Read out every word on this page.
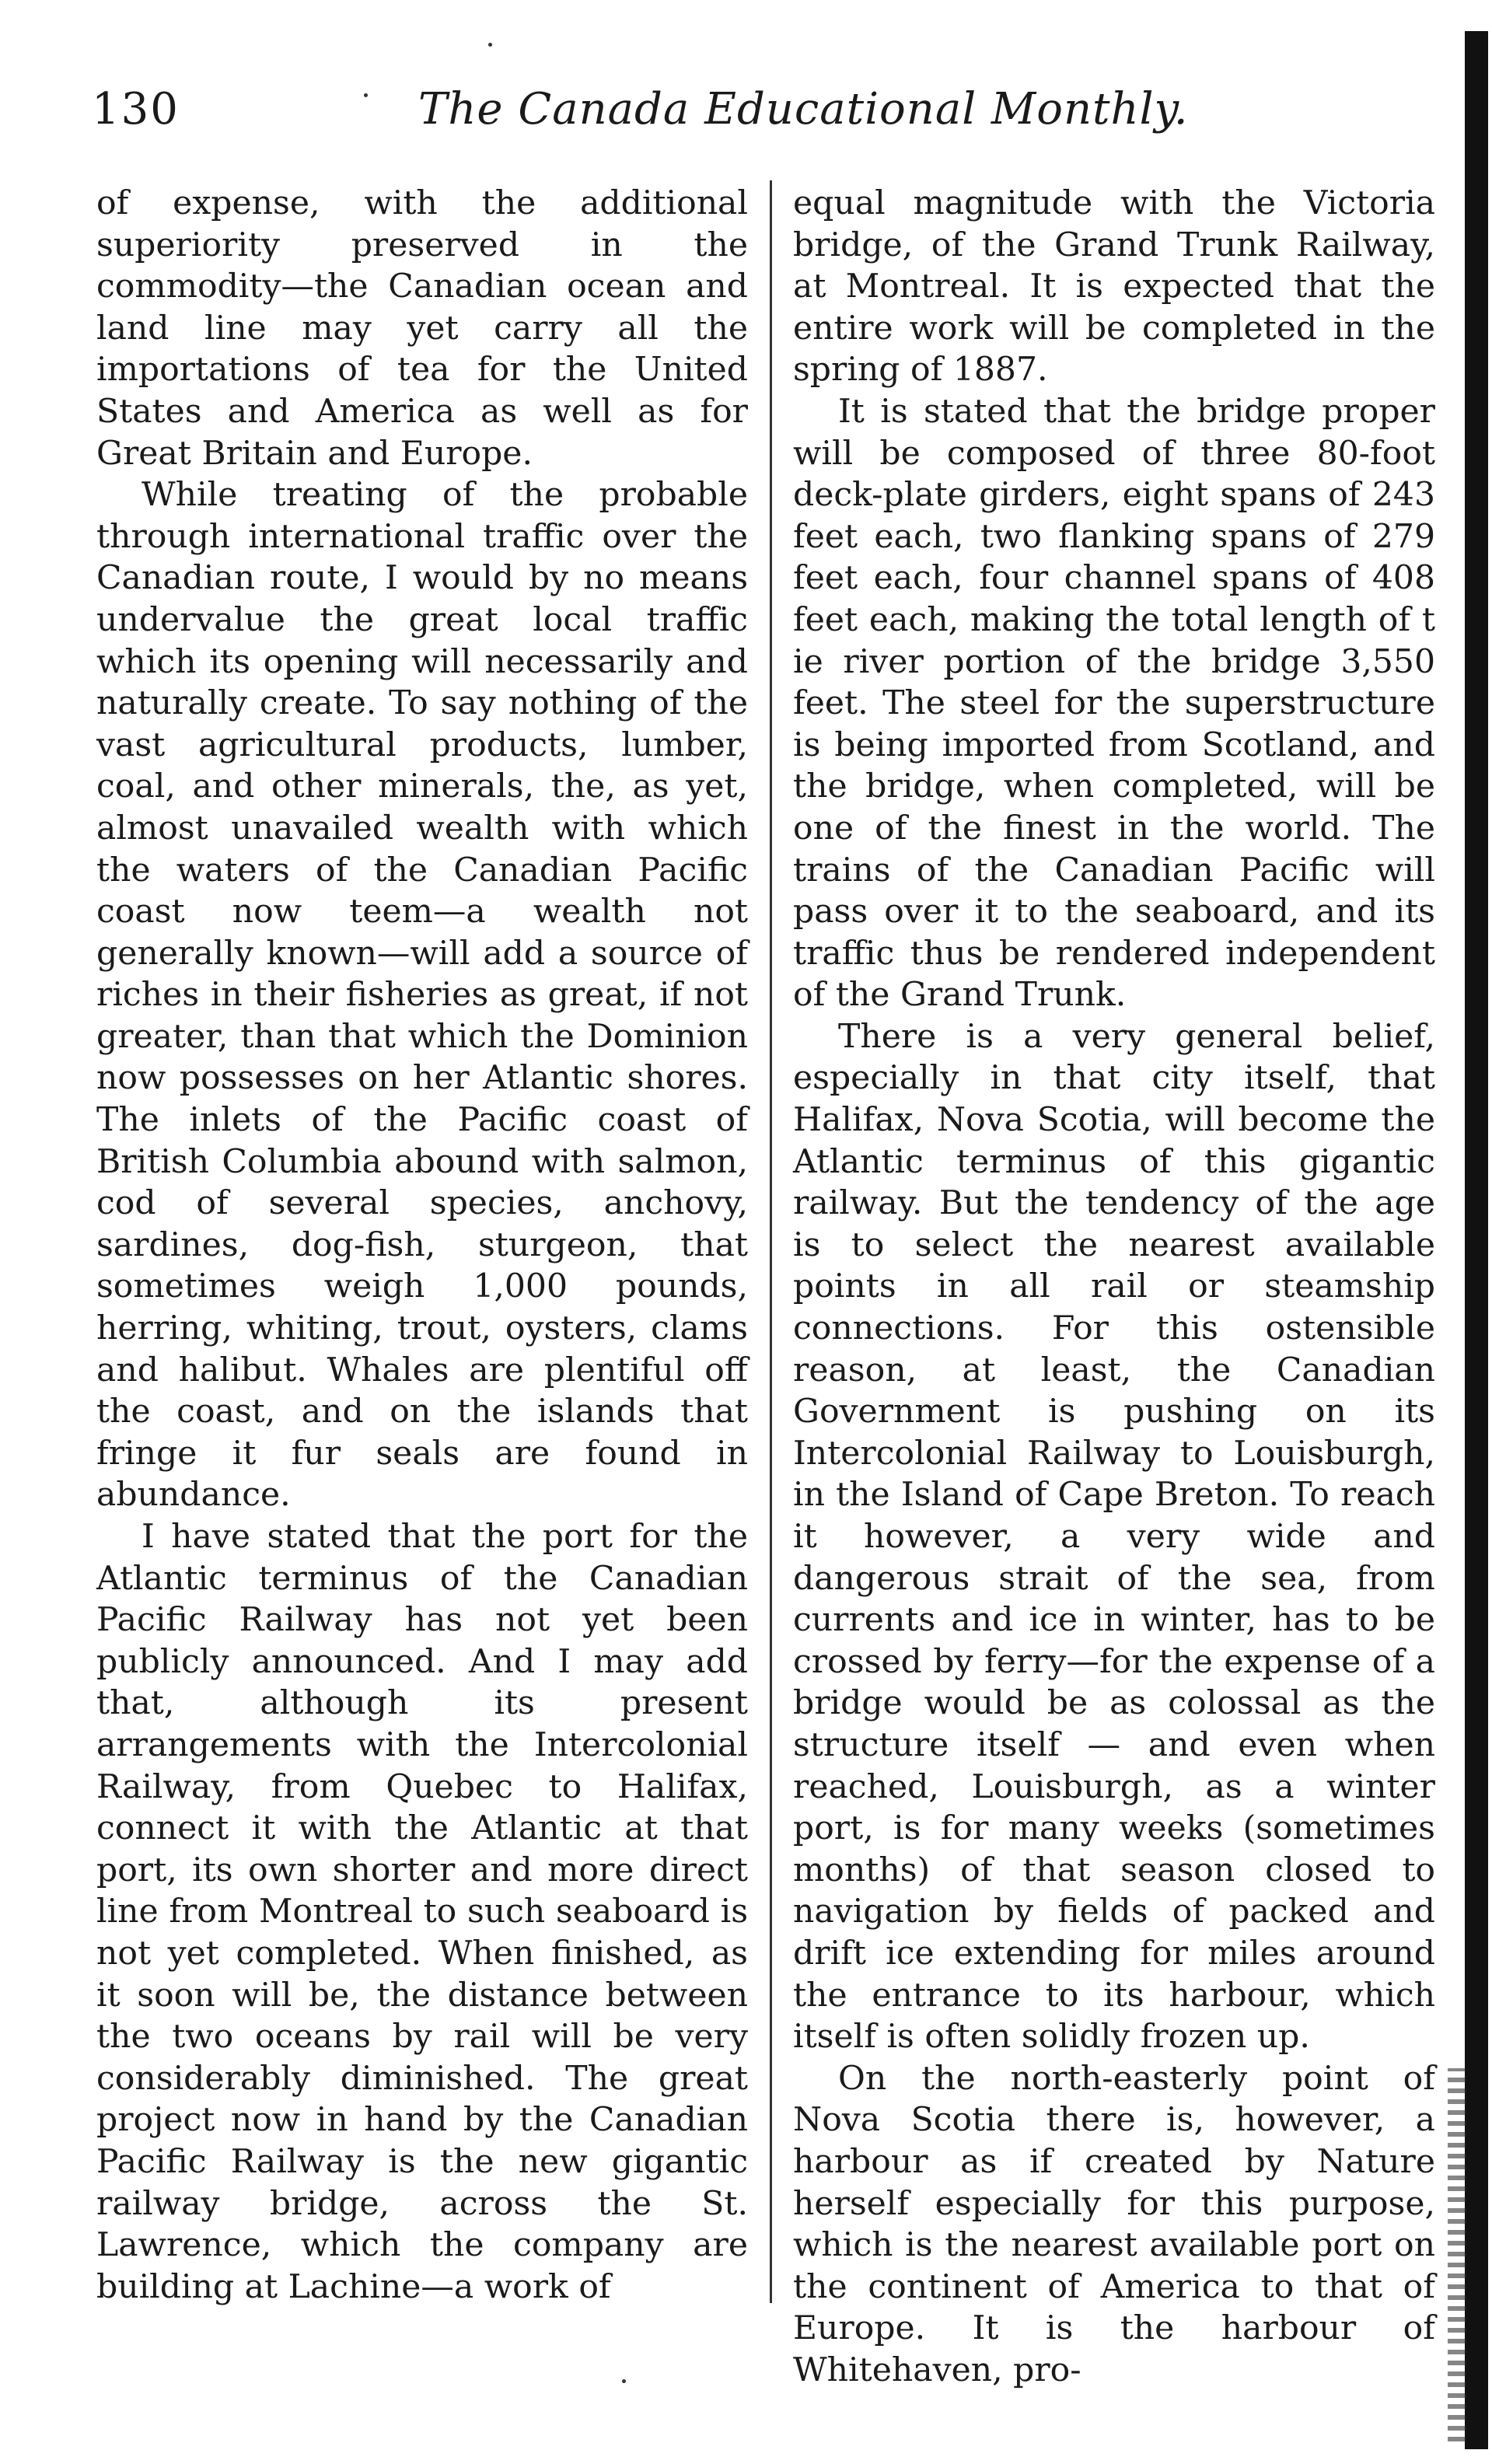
130	The Canada Educational Monthly.

of expense, with the additional superiority preserved in the commodity—the Canadian ocean and land line may yet carry all the importations of tea for the United States and America as well as for Great Britain and Europe.

While treating of the probable through international traffic over the Canadian route, I would by no means undervalue the great local traffic which its opening will necessarily and naturally create. To say nothing of the vast agricultural products, lumber, coal, and other minerals, the, as yet, almost unavailed wealth with which the waters of the Canadian Pacific coast now teem—a wealth not generally known—will add a source of riches in their fisheries as great, if not greater, than that which the Dominion now possesses on her Atlantic shores. The inlets of the Pacific coast of British Columbia abound with salmon, cod of several species, anchovy, sardines, dog-fish, sturgeon, that sometimes weigh 1,000 pounds, herring, whiting, trout, oysters, clams and halibut. Whales are plentiful off the coast, and on the islands that fringe it fur seals are found in abundance.

I have stated that the port for the Atlantic terminus of the Canadian Pacific Railway has not yet been publicly announced. And I may add that, although its present arrangements with the Intercolonial Railway, from Quebec to Halifax, connect it with the Atlantic at that port, its own shorter and more direct line from Montreal to such seaboard is not yet completed. When finished, as it soon will be, the distance between the two oceans by rail will be very considerably diminished. The great project now in hand by the Canadian Pacific Railway is the new gigantic railway bridge, across the St. Lawrence, which the company are building at Lachine—a work of

equal magnitude with the Victoria bridge, of the Grand Trunk Railway, at Montreal. It is expected that the entire work will be completed in the spring of 1887.

It is stated that the bridge proper will be composed of three 80-foot deck-plate girders, eight spans of 243 feet each, two flanking spans of 279 feet each, four channel spans of 408 feet each, making the total length of t ie river portion of the bridge 3,550 feet. The steel for the superstructure is being imported from Scotland, and the bridge, when completed, will be one of the finest in the world. The trains of the Canadian Pacific will pass over it to the seaboard, and its traffic thus be rendered independent of the Grand Trunk.

There is a very general belief, especially in that city itself, that Halifax, Nova Scotia, will become the Atlantic terminus of this gigantic railway. But the tendency of the age is to select the nearest available points in all rail or steamship connections. For this ostensible reason, at least, the Canadian Government is pushing on its Intercolonial Railway to Louisburgh, in the Island of Cape Breton. To reach it however, a very wide and dangerous strait of the sea, from currents and ice in winter, has to be crossed by ferry—for the expense of a bridge would be as colossal as the structure itself — and even when reached, Louisburgh, as a winter port, is for many weeks (sometimes months) of that season closed to navigation by fields of packed and drift ice extending for miles around the entrance to its harbour, which itself is often solidly frozen up.

On the north-easterly point of Nova Scotia there is, however, a harbour as if created by Nature herself especially for this purpose, which is the nearest available port on the continent of America to that of Europe. It is the harbour of Whitehaven, pro-
